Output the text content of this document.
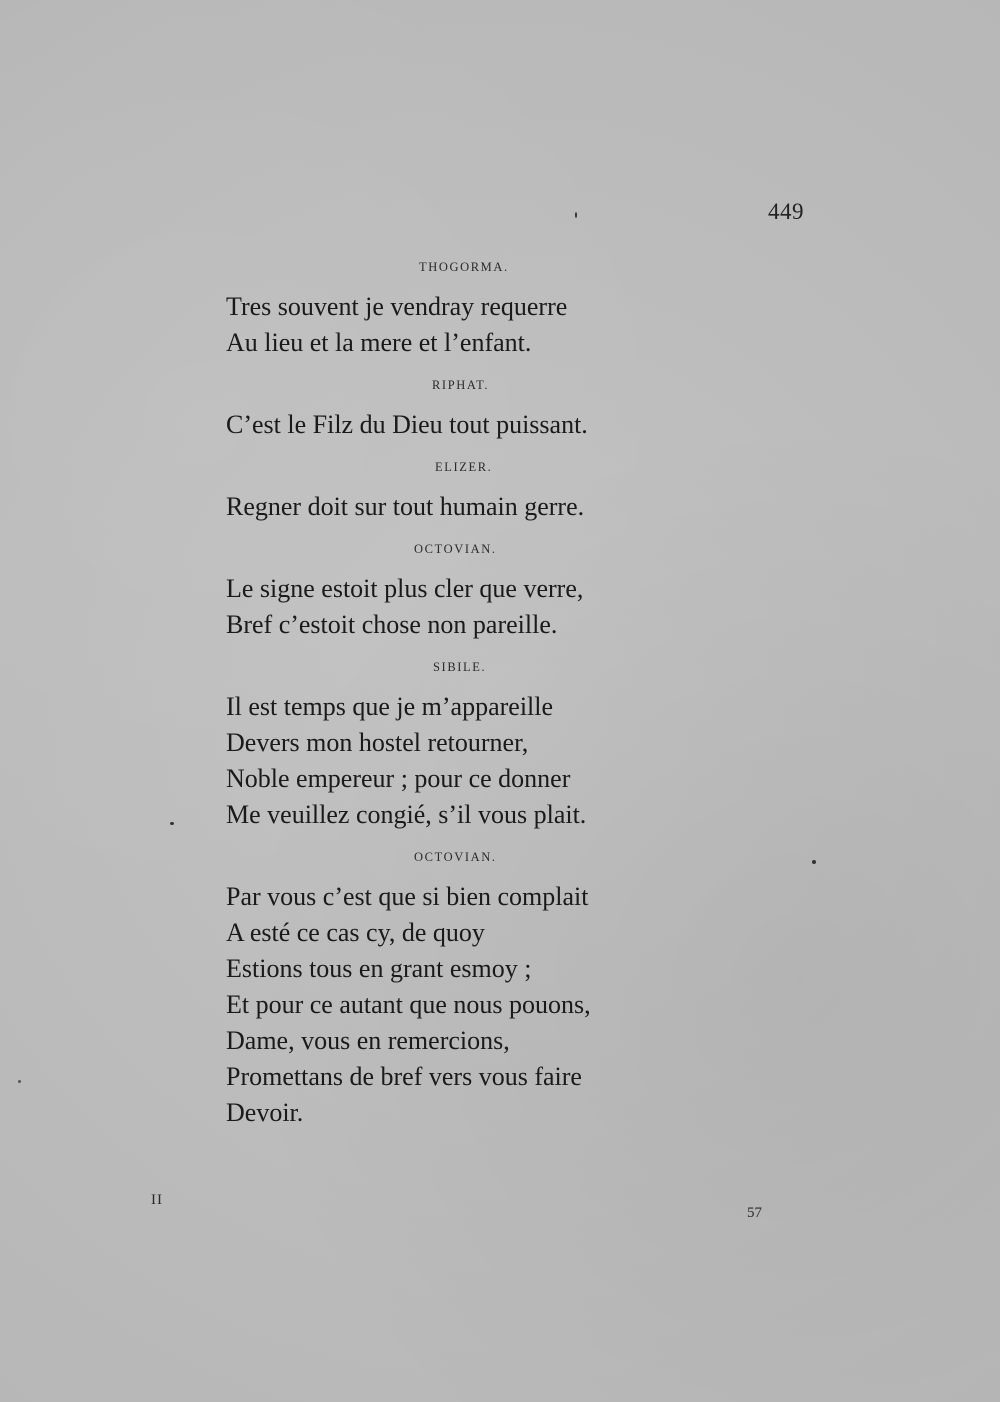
449
THOGORMA.
Tres souvent je vendray requerre
Au lieu et la mere et l’enfant.
RIPHAT.
C’est le Filz du Dieu tout puissant.
ELIZER.
Regner doit sur tout humain gerre.
OCTOVIAN.
Le signe estoit plus cler que verre,
Bref c’estoit chose non pareille.
SIBILE.
Il est temps que je m’appareille
Devers mon hostel retourner,
Noble empereur ; pour ce donner
Me veuillez congié, s’il vous plait.
OCTOVIAN.
Par vous c’est que si bien complait
A esté ce cas cy, de quoy
Estions tous en grant esmoy ;
Et pour ce autant que nous pouons,
Dame, vous en remercions,
Promettans de bref vers vous faire
Devoir.
II
57
